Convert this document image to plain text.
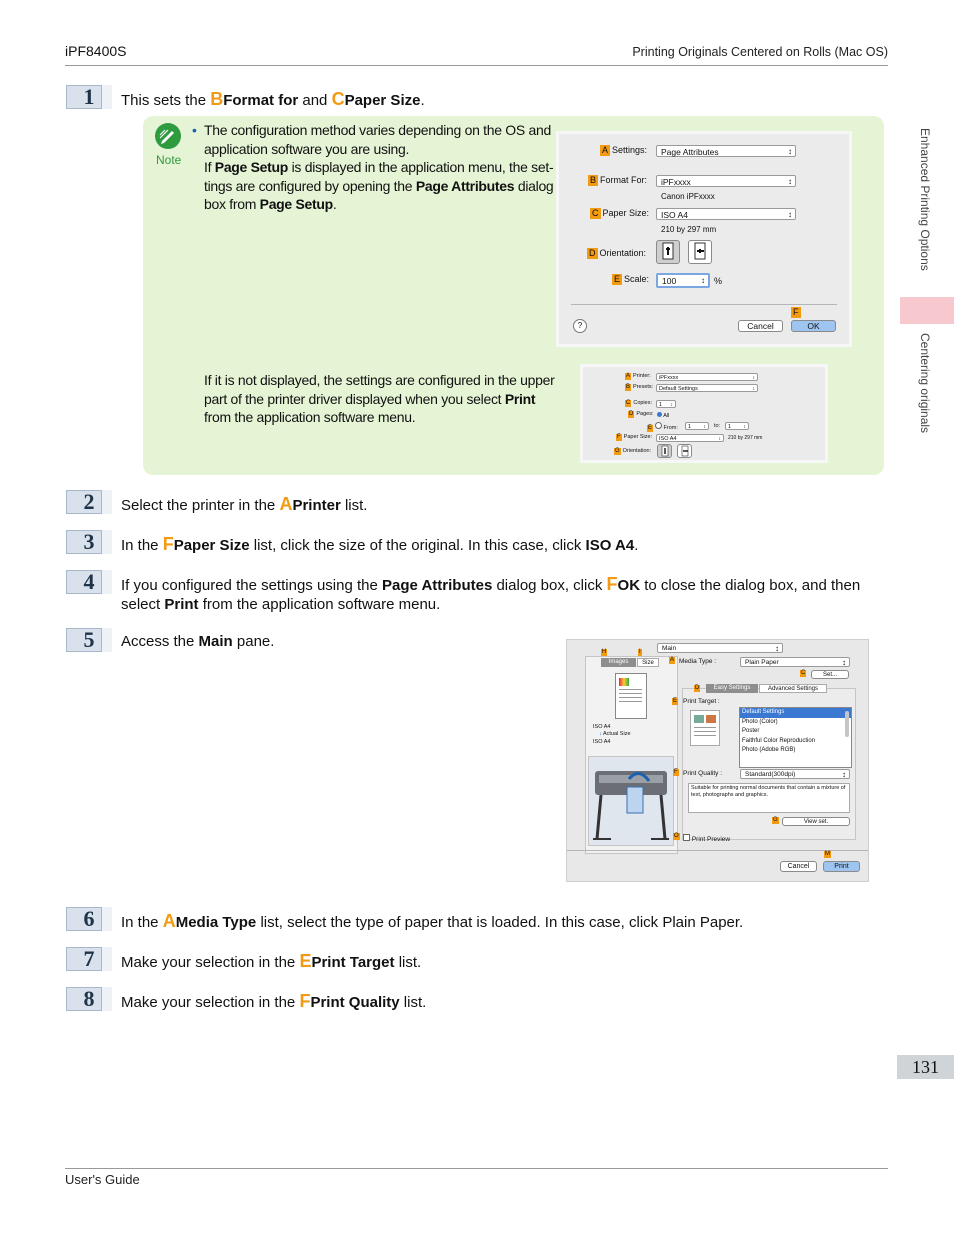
iPF8400S	Printing Originals Centered on Rolls (Mac OS)
Enhanced Printing Options
Centering originals
131
1	This sets the BFormat for and CPaper Size.
Note
• The configuration method varies depending on the OS and application software you are using.
If Page Setup is displayed in the application menu, the set- tings are configured by opening the Page Attributes dialog box from Page Setup.
If it is not displayed, the settings are configured in the upper part of the printer driver displayed when you select Print from the application software menu.
A Settings:	Page Attributes ↕
B Format For:	iPFxxxx ↕
Canon iPFxxxx
C Paper Size:	ISO A4 ↕
210 by 297 mm
D Orientation:
E Scale:	100 ↕	%
?	Cancel
F
OK
A Printer:	iPFxxxx ↕
B Presets:	Default Settings ↕
C Copies:	1 ↕
D Pages:	All
E From:	1 ↕	to:	1 ↕
F Paper Size:	ISO A4 ↕	210 by 297 mm
G Orientation:
2	Select the printer in the APrinter list.
3	In the FPaper Size list, click the size of the original. In this case, click ISO A4.
4	If you configured the settings using the Page Attributes dialog box, click FOK to close the dialog box, and then select Print from the application software menu.
5	Access the Main pane.	Main ↕
H	I
Images	Size
ISO A4
↓ Actual Size
ISO A4
A Media Type :	Plain Paper ↕
C	Set...
D	Easy Settings	Advanced Settings
E Print Target :
Default Settings
Photo (Color)
Poster
Faithful Color Reproduction
Photo (Adobe RGB)
F Print Quality :	Standard(300dpi) ↕
Suitable for printing normal documents that contain a mixture of text, photographs and graphics.
G	View set.
O	Print Preview
Cancel
M
Print
6	In the AMedia Type list, select the type of paper that is loaded. In this case, click Plain Paper.
7	Make your selection in the EPrint Target list.
8	Make your selection in the FPrint Quality list.
User's Guide
